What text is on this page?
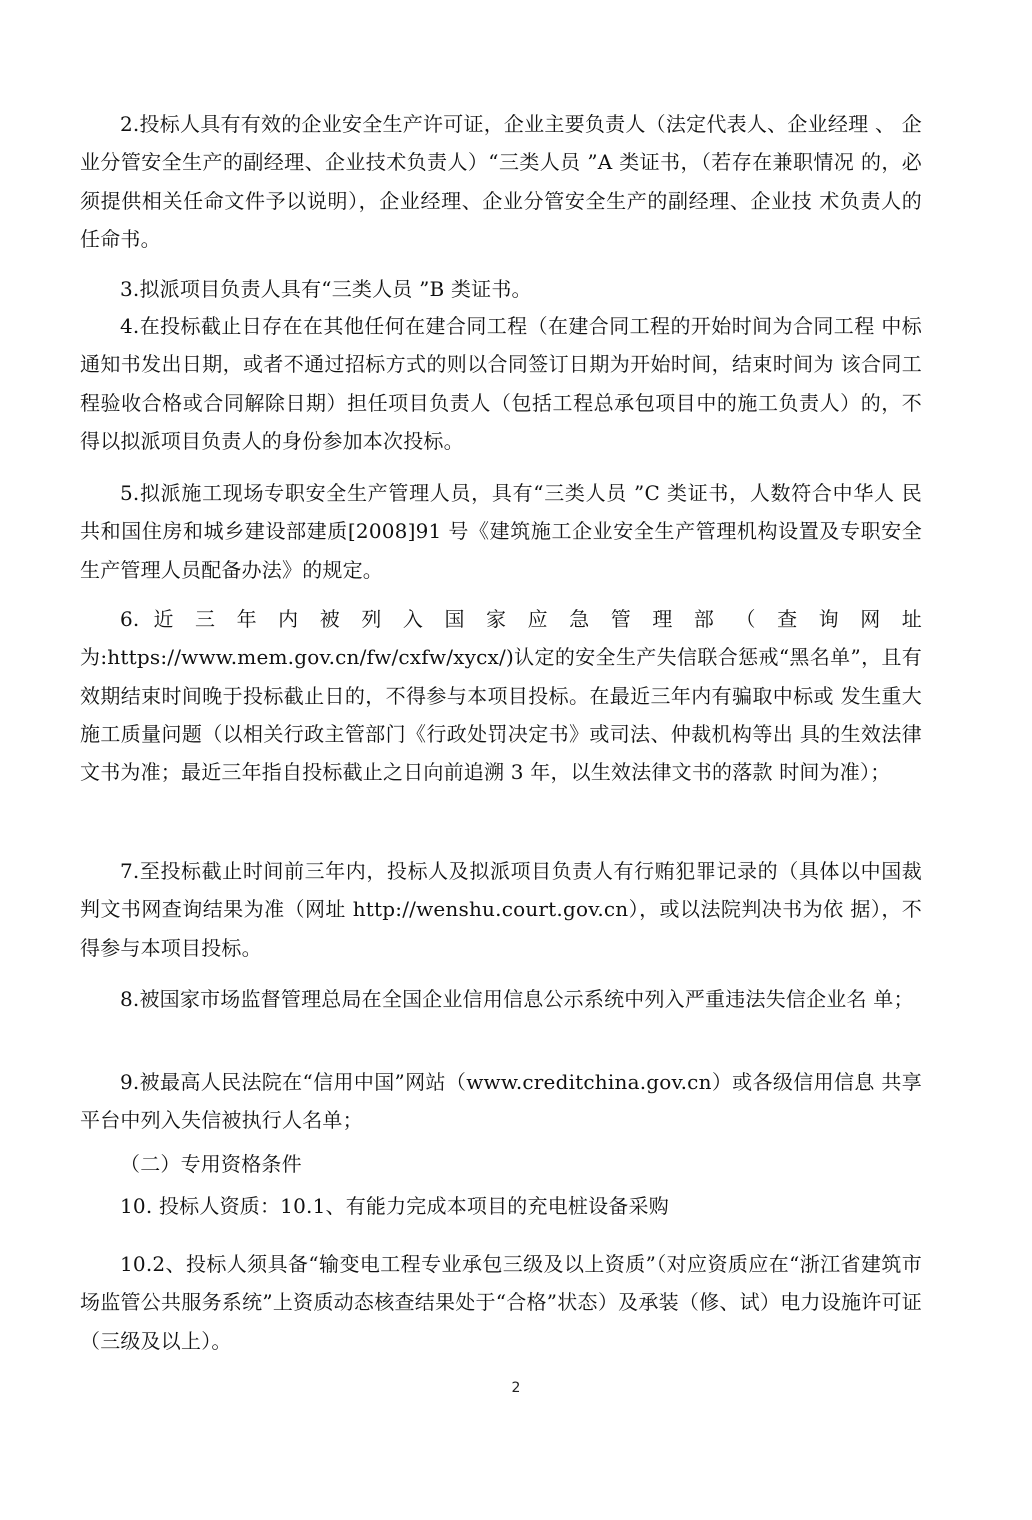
2.投标人具有有效的企业安全生产许可证，企业主要负责人（法定代表人、企业经理 、 企业分管安全生产的副经理、企业技术负责人）“三类人员 ”A 类证书，（若存在兼职情况 的，必须提供相关任命文件予以说明），企业经理、企业分管安全生产的副经理、企业技 术负责人的任命书。

3.拟派项目负责人具有“三类人员 ”B 类证书。

4.在投标截止日存在在其他任何在建合同工程（在建合同工程的开始时间为合同工程 中标通知书发出日期，或者不通过招标方式的则以合同签订日期为开始时间，结束时间为 该合同工程验收合格或合同解除日期）担任项目负责人（包括工程总承包项目中的施工负责人）的，不得以拟派项目负责人的身份参加本次投标。

5.拟派施工现场专职安全生产管理人员，具有“三类人员 ”C 类证书，人数符合中华人 民共和国住房和城乡建设部建质[2008]91 号《建筑施工企业安全生产管理机构设置及专职安全生产管理人员配备办法》的规定。

6. 近 三 年 内 被 列 入 国 家 应 急 管 理 部 （ 查 询 网 址 为:https://www.mem.gov.cn/fw/cxfw/xycx/)认定的安全生产失信联合惩戒“黑名单”，且有效期结束时间晚于投标截止日的，不得参与本项目投标。在最近三年内有骗取中标或 发生重大施工质量问题（以相关行政主管部门《行政处罚决定书》或司法、仲裁机构等出 具的生效法律文书为准；最近三年指自投标截止之日向前追溯 3 年，以生效法律文书的落款 时间为准）；

7.至投标截止时间前三年内，投标人及拟派项目负责人有行贿犯罪记录的（具体以中国裁判文书网查询结果为准（网址 http://wenshu.court.gov.cn），或以法院判决书为依 据），不得参与本项目投标。

8.被国家市场监督管理总局在全国企业信用信息公示系统中列入严重违法失信企业名 单；

9.被最高人民法院在“信用中国”网站（www.creditchina.gov.cn）或各级信用信息 共享平台中列入失信被执行人名单；

（二）专用资格条件

10. 投标人资质：10.1、有能力完成本项目的充电桩设备采购

10.2、投标人须具备“输变电工程专业承包三级及以上资质”（对应资质应在“浙江省建筑市场监管公共服务系统”上资质动态核查结果处于“合格”状态）及承装（修、试）电力设施许可证（三级及以上）。

2
